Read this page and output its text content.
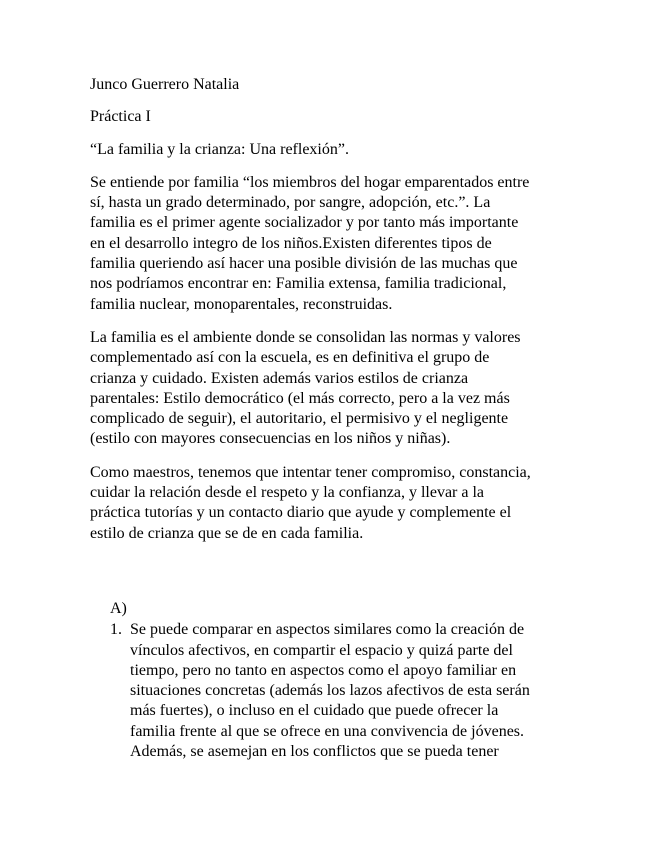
Junco Guerrero Natalia
Práctica I
“La familia y la crianza: Una reflexión”.

Se entiende por familia “los miembros del hogar emparentados entre
sí, hasta un grado determinado, por sangre, adopción, etc.”. La
familia es el primer agente socializador y por tanto más importante
en el desarrollo integro de los niños.Existen diferentes tipos de
familia queriendo así hacer una posible división de las muchas que
nos podríamos encontrar en: Familia extensa, familia tradicional,
familia nuclear, monoparentales, reconstruidas.

La familia es el ambiente donde se consolidan las normas y valores
complementado así con la escuela, es en definitiva el grupo de
crianza y cuidado. Existen además varios estilos de crianza
parentales: Estilo democrático (el más correcto, pero a la vez más
complicado de seguir), el autoritario, el permisivo y el negligente
(estilo con mayores consecuencias en los niños y niñas).

Como maestros, tenemos que intentar tener compromiso, constancia,
cuidar la relación desde el respeto y la confianza, y llevar a la
práctica tutorías y un contacto diario que ayude y complemente el
estilo de crianza que se de en cada familia.

A)
1. Se puede comparar en aspectos similares como la creación de
vínculos afectivos, en compartir el espacio y quizá parte del
tiempo, pero no tanto en aspectos como el apoyo familiar en
situaciones concretas (además los lazos afectivos de esta serán
más fuertes), o incluso en el cuidado que puede ofrecer la
familia frente al que se ofrece en una convivencia de jóvenes.
Además, se asemejan en los conflictos que se pueda tener
